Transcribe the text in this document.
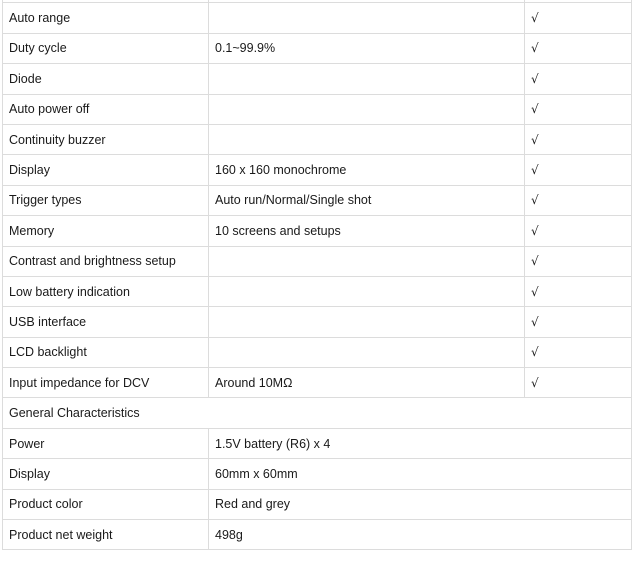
Auto range		√
Duty cycle	0.1~99.9%	√
Diode		√
Auto power off		√
Continuity buzzer		√
Display	160 x 160 monochrome	√
Trigger types	Auto run/Normal/Single shot	√
Memory	10 screens and setups	√
Contrast and brightness setup		√
Low battery indication		√
USB interface		√
LCD backlight		√
Input impedance for DCV	Around 10MΩ	√
General Characteristics		
Power	1.5V battery (R6) x 4	
Display	60mm x 60mm	
Product color	Red and grey	
Product net weight	498g	
